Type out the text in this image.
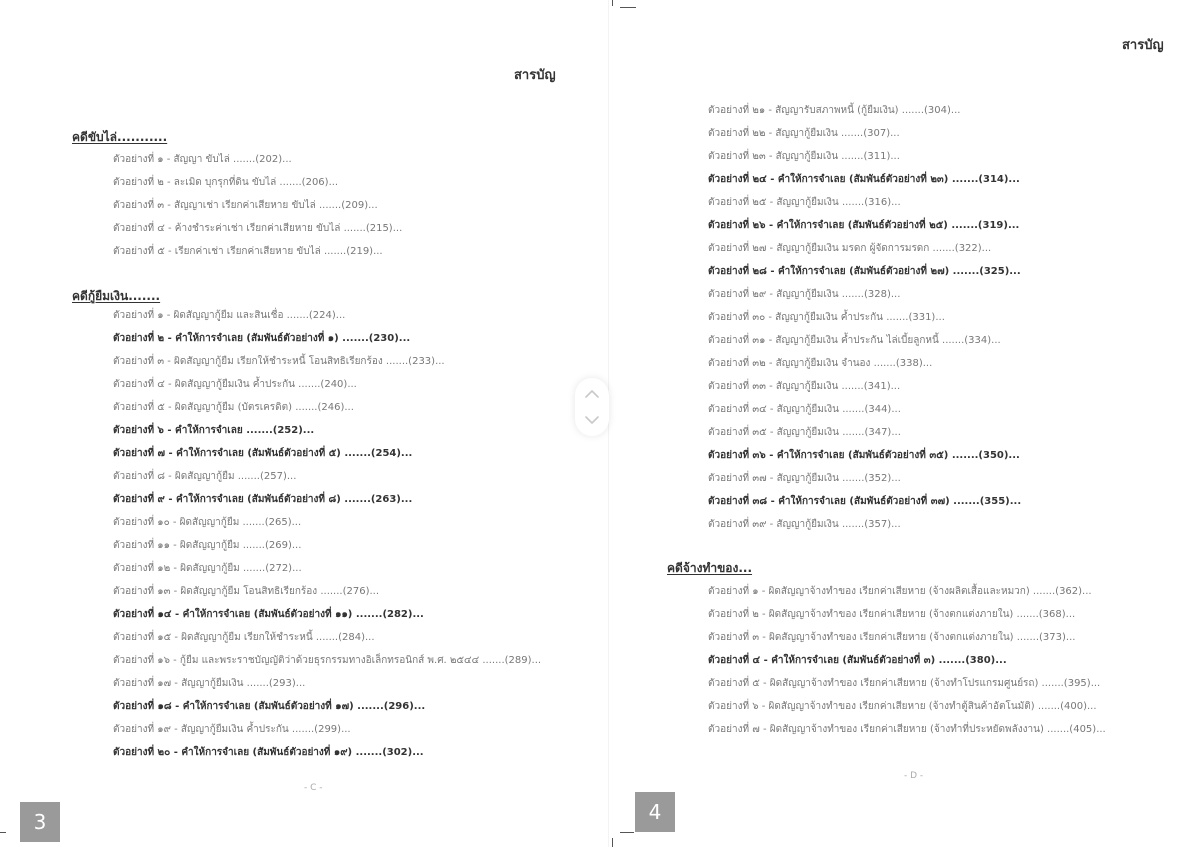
สารบัญ
คดีขับไล่...........
ตัวอย่างที่ ๑ - สัญญา ขับไล่ .......(202)...
ตัวอย่างที่ ๒ - ละเมิด บุกรุกที่ดิน ขับไล่ .......(206)...
ตัวอย่างที่ ๓ - สัญญาเช่า เรียกค่าเสียหาย ขับไล่ .......(209)...
ตัวอย่างที่ ๔ - ค้างชำระค่าเช่า เรียกค่าเสียหาย ขับไล่ .......(215)...
ตัวอย่างที่ ๕ - เรียกค่าเช่า เรียกค่าเสียหาย ขับไล่ .......(219)...
คดีกู้ยืมเงิน.......
ตัวอย่างที่ ๑ - ผิดสัญญากู้ยืม และสินเชื่อ .......(224)...
ตัวอย่างที่ ๒ - คำให้การจำเลย (สัมพันธ์ตัวอย่างที่ ๑) .......(230)...
ตัวอย่างที่ ๓ - ผิดสัญญากู้ยืม เรียกให้ชำระหนี้ โอนสิทธิเรียกร้อง .......(233)...
ตัวอย่างที่ ๔ - ผิดสัญญากู้ยืมเงิน ค้ำประกัน .......(240)...
ตัวอย่างที่ ๕ - ผิดสัญญากู้ยืม (บัตรเครดิต) .......(246)...
ตัวอย่างที่ ๖ - คำให้การจำเลย .......(252)...
ตัวอย่างที่ ๗ - คำให้การจำเลย (สัมพันธ์ตัวอย่างที่ ๕) .......(254)...
ตัวอย่างที่ ๘ - ผิดสัญญากู้ยืม .......(257)...
ตัวอย่างที่ ๙ - คำให้การจำเลย (สัมพันธ์ตัวอย่างที่ ๘) .......(263)...
ตัวอย่างที่ ๑๐ - ผิดสัญญากู้ยืม .......(265)...
ตัวอย่างที่ ๑๑ - ผิดสัญญากู้ยืม .......(269)...
ตัวอย่างที่ ๑๒ - ผิดสัญญากู้ยืม .......(272)...
ตัวอย่างที่ ๑๓ - ผิดสัญญากู้ยืม โอนสิทธิเรียกร้อง .......(276)...
ตัวอย่างที่ ๑๔ - คำให้การจำเลย (สัมพันธ์ตัวอย่างที่ ๑๑) .......(282)...
ตัวอย่างที่ ๑๕ - ผิดสัญญากู้ยืม เรียกให้ชำระหนี้ .......(284)...
ตัวอย่างที่ ๑๖ - กู้ยืม และพระราชบัญญัติว่าด้วยธุรกรรมทางอิเล็กทรอนิกส์ พ.ศ. ๒๕๔๔ .......(289)...
ตัวอย่างที่ ๑๗ - สัญญากู้ยืมเงิน .......(293)...
ตัวอย่างที่ ๑๘ - คำให้การจำเลย (สัมพันธ์ตัวอย่างที่ ๑๗) .......(296)...
ตัวอย่างที่ ๑๙ - สัญญากู้ยืมเงิน ค้ำประกัน .......(299)...
ตัวอย่างที่ ๒๐ - คำให้การจำเลย (สัมพันธ์ตัวอย่างที่ ๑๙) .......(302)...
- C -
3
สารบัญ
ตัวอย่างที่ ๒๑ - สัญญารับสภาพหนี้ (กู้ยืมเงิน) .......(304)...
ตัวอย่างที่ ๒๒ - สัญญากู้ยืมเงิน .......(307)...
ตัวอย่างที่ ๒๓ - สัญญากู้ยืมเงิน .......(311)...
ตัวอย่างที่ ๒๔ - คำให้การจำเลย (สัมพันธ์ตัวอย่างที่ ๒๓) .......(314)...
ตัวอย่างที่ ๒๕ - สัญญากู้ยืมเงิน .......(316)...
ตัวอย่างที่ ๒๖ - คำให้การจำเลย (สัมพันธ์ตัวอย่างที่ ๒๕) .......(319)...
ตัวอย่างที่ ๒๗ - สัญญากู้ยืมเงิน มรดก ผู้จัดการมรดก .......(322)...
ตัวอย่างที่ ๒๘ - คำให้การจำเลย (สัมพันธ์ตัวอย่างที่ ๒๗) .......(325)...
ตัวอย่างที่ ๒๙ - สัญญากู้ยืมเงิน .......(328)...
ตัวอย่างที่ ๓๐ - สัญญากู้ยืมเงิน ค้ำประกัน .......(331)...
ตัวอย่างที่ ๓๑ - สัญญากู้ยืมเงิน ค้ำประกัน ไล่เบี้ยลูกหนี้ .......(334)...
ตัวอย่างที่ ๓๒ - สัญญากู้ยืมเงิน จำนอง .......(338)...
ตัวอย่างที่ ๓๓ - สัญญากู้ยืมเงิน .......(341)...
ตัวอย่างที่ ๓๔ - สัญญากู้ยืมเงิน .......(344)...
ตัวอย่างที่ ๓๕ - สัญญากู้ยืมเงิน .......(347)...
ตัวอย่างที่ ๓๖ - คำให้การจำเลย (สัมพันธ์ตัวอย่างที่ ๓๕) .......(350)...
ตัวอย่างที่ ๓๗ - สัญญากู้ยืมเงิน .......(352)...
ตัวอย่างที่ ๓๘ - คำให้การจำเลย (สัมพันธ์ตัวอย่างที่ ๓๗) .......(355)...
ตัวอย่างที่ ๓๙ - สัญญากู้ยืมเงิน .......(357)...
คดีจ้างทำของ...
ตัวอย่างที่ ๑ - ผิดสัญญาจ้างทำของ เรียกค่าเสียหาย (จ้างผลิตเสื้อและหมวก) .......(362)...
ตัวอย่างที่ ๒ - ผิดสัญญาจ้างทำของ เรียกค่าเสียหาย (จ้างตกแต่งภายใน) .......(368)...
ตัวอย่างที่ ๓ - ผิดสัญญาจ้างทำของ เรียกค่าเสียหาย (จ้างตกแต่งภายใน) .......(373)...
ตัวอย่างที่ ๔ - คำให้การจำเลย (สัมพันธ์ตัวอย่างที่ ๓) .......(380)...
ตัวอย่างที่ ๕ - ผิดสัญญาจ้างทำของ เรียกค่าเสียหาย (จ้างทำโปรแกรมศูนย์รถ) .......(395)...
ตัวอย่างที่ ๖ - ผิดสัญญาจ้างทำของ เรียกค่าเสียหาย (จ้างทำตู้สินค้าอัตโนมัติ) .......(400)...
ตัวอย่างที่ ๗ - ผิดสัญญาจ้างทำของ เรียกค่าเสียหาย (จ้างทำที่ประหยัดพลังงาน) .......(405)...
- D -
4
